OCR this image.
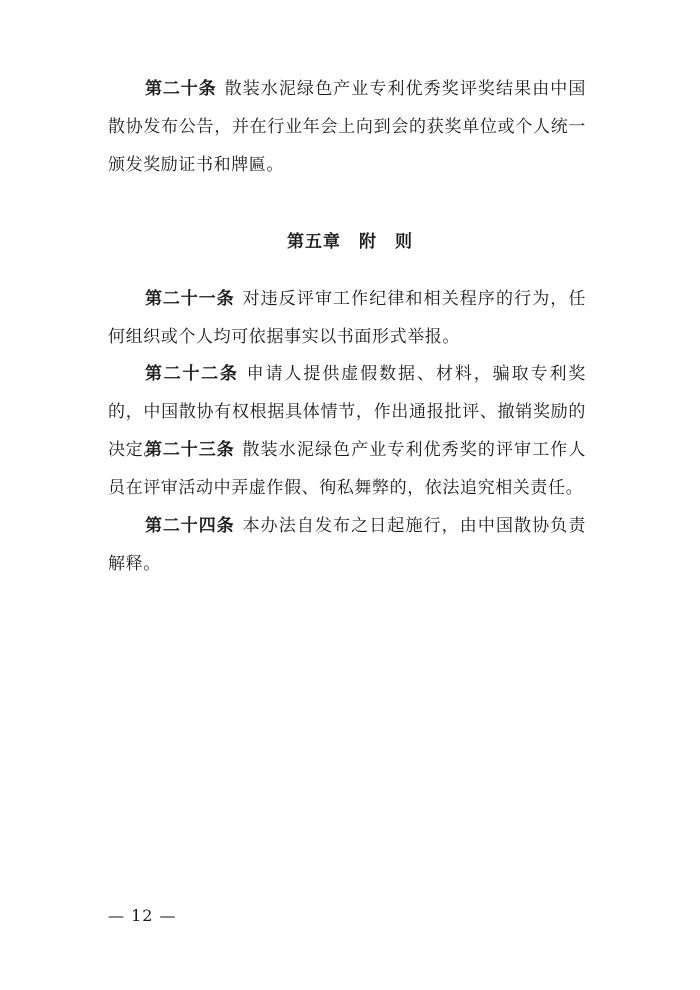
第二十条 散装水泥绿色产业专利优秀奖评奖结果由中国散协发布公告，并在行业年会上向到会的获奖单位或个人统一颁发奖励证书和牌匾。

第五章　附　则

第二十一条 对违反评审工作纪律和相关程序的行为，任何组织或个人均可依据事实以书面形式举报。

第二十二条 申请人提供虚假数据、材料，骗取专利奖的，中国散协有权根据具体情节，作出通报批评、撤销奖励的决定。

第二十三条 散装水泥绿色产业专利优秀奖的评审工作人员在评审活动中弄虚作假、徇私舞弊的，依法追究相关责任。

第二十四条 本办法自发布之日起施行，由中国散协负责解释。

— 12 —
